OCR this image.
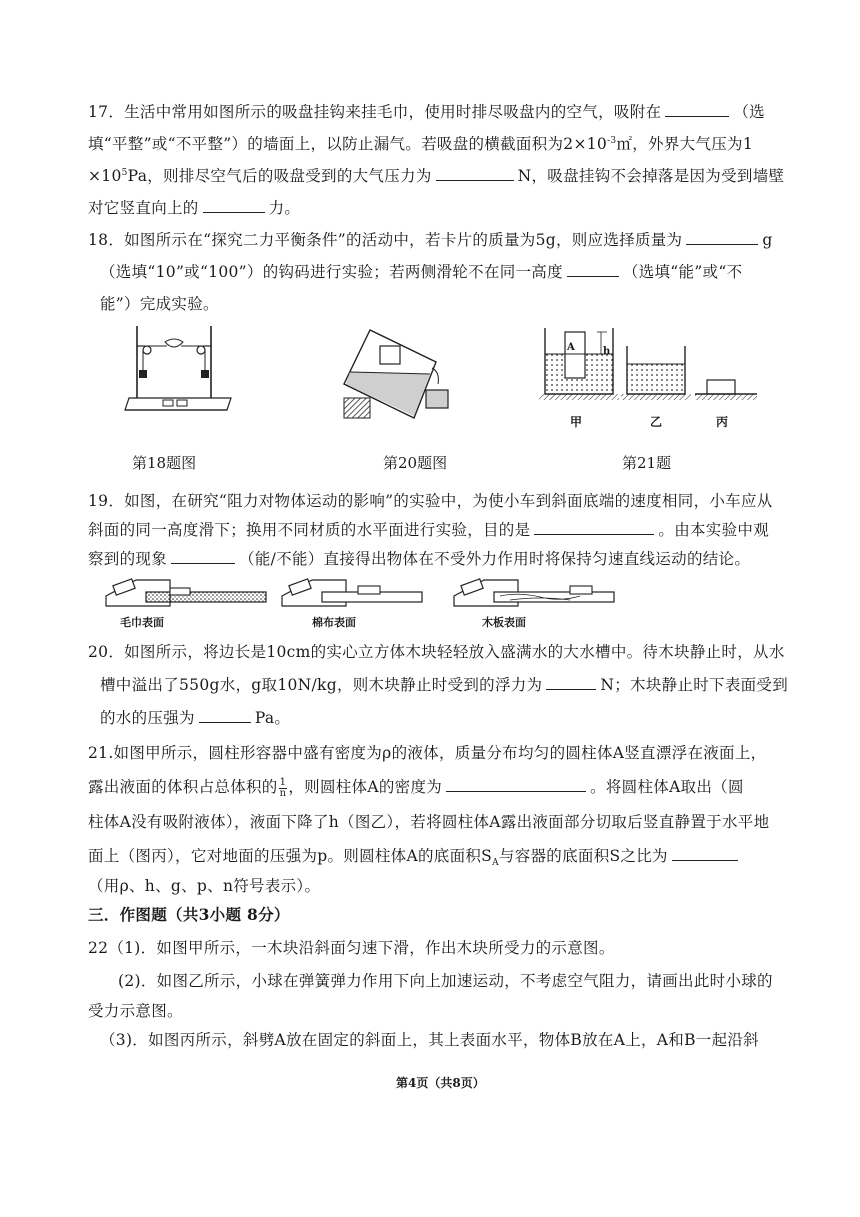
17．生活中常用如图所示的吸盘挂钩来挂毛巾，使用时排尽吸盘内的空气，吸附在	（选
填“平整”或“不平整”）的墙面上，以防止漏气。若吸盘的横截面积为$2\times 10^{-3}㎡$，外界大气压为1
$\times 10^5Pa$，则排尽空气后的吸盘受到的大气压力为	N，吸盘挂钩不会掉落是因为受到墙壁
对它竖直向上的	力。
18．如图所示在“探究二力平衡条件”的活动中，若卡片的质量为5g，则应选择质量为	g
（选填“10”或“100”）的钩码进行实验；若两侧滑轮不在同一高度	（选填“能”或“不
能”）完成实验。
A	h
甲	乙	丙
第18题图	第20题图	第21题
19．如图，在研究“阻力对物体运动的影响”的实验中，为使小车到斜面底端的速度相同，小车应从
斜面的同一高度滑下；换用不同材质的水平面进行实验，目的是	。由本实验中观
察到的现象	（能/不能）直接得出物体在不受外力作用时将保持匀速直线运动的结论。
毛巾表面	棉布表面	木板表面
20．如图所示，将边长是10cm的实心立方体木块轻轻放入盛满水的大水槽中。待木块静止时，从水
槽中溢出了550g水，g取10N/kg，则木块静止时受到的浮力为	N；木块静止时下表面受到
的水的压强为	Pa。
21.如图甲所示，圆柱形容器中盛有密度为ρ的液体，质量分布均匀的圆柱体A竖直漂浮在液面上，
露出液面的体积占总体积的 $\frac{1}{n}$ ，则圆柱体A的密度为	。将圆柱体A取出（圆
柱体A没有吸附液体），液面下降了h（图乙），若将圆柱体A露出液面部分切取后竖直静置于水平地
面上（图丙），它对地面的压强为p。则圆柱体A的底面积$S_A$与容器的底面积S之比为
（用ρ、h、g、p、n符号表示）。
三．作图题（共3小题 8分）
22（1)．如图甲所示，一木块沿斜面匀速下滑，作出木块所受力的示意图。
(2)．如图乙所示，小球在弹簧弹力作用下向上加速运动，不考虑空气阻力，请画出此时小球的
受力示意图。
（3)．如图丙所示，斜劈A放在固定的斜面上，其上表面水平，物体B放在A上，A和B一起沿斜
第4页（共8页）
